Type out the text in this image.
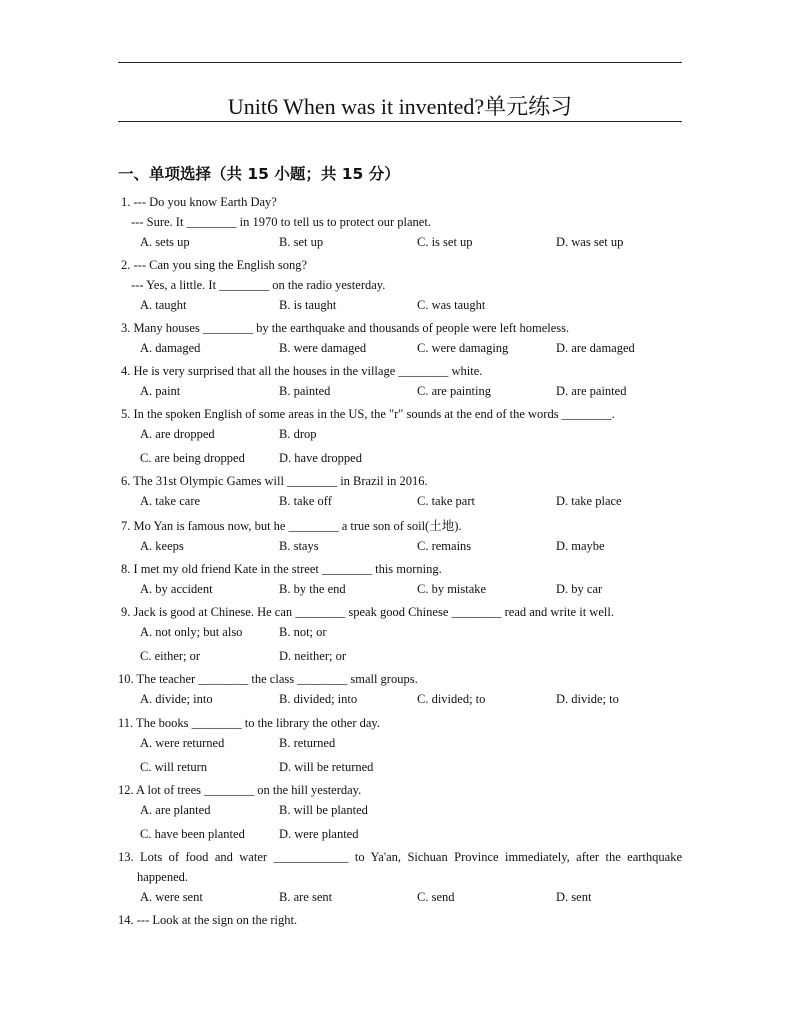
Unit6 When was it invented?单元练习
一、单项选择（共 15 小题；共 15 分）
1. --- Do you know Earth Day?
--- Sure. It ________ in 1970 to tell us to protect our planet.
A. sets up	B. set up	C. is set up	D. was set up
2. --- Can you sing the English song?
--- Yes, a little. It ________ on the radio yesterday.
A. taught	B. is taught	C. was taught
3. Many houses ________ by the earthquake and thousands of people were left homeless.
A. damaged	B. were damaged	C. were damaging	D. are damaged
4. He is very surprised that all the houses in the village ________ white.
A. paint	B. painted	C. are painting	D. are painted
5. In the spoken English of some areas in the US, the "r" sounds at the end of the words ________.
A. are dropped	B. drop
C. are being dropped	D. have dropped
6. The 31st Olympic Games will ________ in Brazil in 2016.
A. take care	B. take off	C. take part	D. take place
7. Mo Yan is famous now, but he ________ a true son of soil(土地).
A. keeps	B. stays	C. remains	D. maybe
8. I met my old friend Kate in the street ________ this morning.
A. by accident	B. by the end	C. by mistake	D. by car
9. Jack is good at Chinese. He can ________ speak good Chinese ________ read and write it well.
A. not only; but also	B. not; or
C. either; or	D. neither; or
10. The teacher ________ the class ________ small groups.
A. divide; into	B. divided; into	C. divided; to	D. divide; to
11. The books ________ to the library the other day.
A. were returned	B. returned
C. will return	D. will be returned
12. A lot of trees ________ on the hill yesterday.
A. are planted	B. will be planted
C. have been planted	D. were planted
13. Lots of food and water ____________ to Ya'an, Sichuan Province immediately, after the earthquake
happened.
A. were sent	B. are sent	C. send	D. sent
14. --- Look at the sign on the right.
